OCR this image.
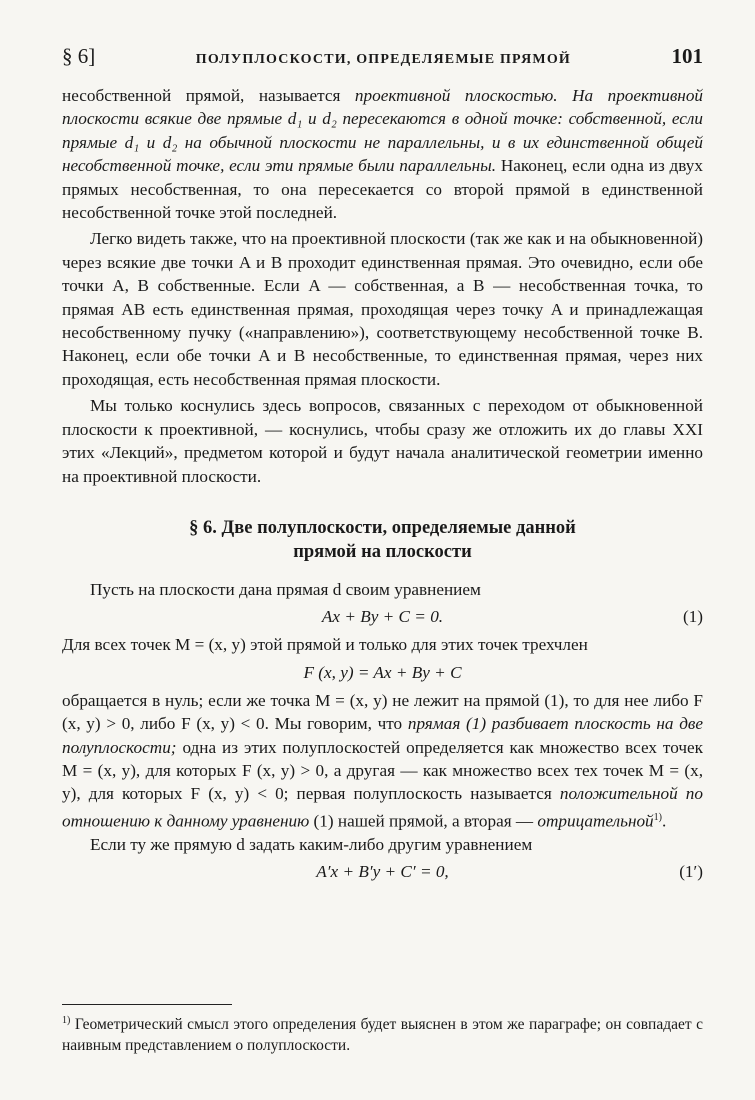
§ 6]	ПОЛУПЛОСКОСТИ, ОПРЕДЕЛЯЕМЫЕ ПРЯМОЙ	101

несобственной прямой, называется проективной плоскостью. На проективной плоскости всякие две прямые d₁ и d₂ пересекаются в одной точке: собственной, если прямые d₁ и d₂ на обычной плоскости не параллельны, и в их единственной общей несобственной точке, если эти прямые были параллельны. Наконец, если одна из двух прямых несобственная, то она пересекается со второй прямой в единственной несобственной точке этой последней.

Легко видеть также, что на проективной плоскости (так же как и на обыкновенной) через всякие две точки A и B проходит единственная прямая. Это очевидно, если обе точки A, B собственные. Если A — собственная, а B — несобственная точка, то прямая AB есть единственная прямая, проходящая через точку A и принадлежащая несобственному пучку («направлению»), соответствующему несобственной точке B. Наконец, если обе точки A и B несобственные, то единственная прямая, через них проходящая, есть несобственная прямая плоскости.

Мы только коснулись здесь вопросов, связанных с переходом от обыкновенной плоскости к проективной, — коснулись, чтобы сразу же отложить их до главы XXI этих «Лекций», предметом которой и будут начала аналитической геометрии именно на проективной плоскости.

§ 6. Две полуплоскости, определяемые данной
прямой на плоскости

Пусть на плоскости дана прямая d своим уравнением

Ax + By + C = 0.	(1)

Для всех точек M = (x, y) этой прямой и только для этих точек трехчлен

F (x, y) = Ax + By + C

обращается в нуль; если же точка M = (x, y) не лежит на прямой (1), то для нее либо F (x, y) > 0, либо F (x, y) < 0. Мы говорим, что прямая (1) разбивает плоскость на две полуплоскости; одна из этих полуплоскостей определяется как множество всех точек M = (x, y), для которых F (x, y) > 0, а другая — как множество всех тех точек M = (x, y), для которых F (x, y) < 0; первая полуплоскость называется положительной по отношению к данному уравнению (1) нашей прямой, а вторая — отрицательной$^{1)}$.

Если ту же прямую d задать каким-либо другим уравнением

A′x + B′y + C′ = 0,	(1′)
$^{1)}$ Геометрический смысл этого определения будет выяснен в этом же параграфе; он совпадает с наивным представлением о полуплоскости.
